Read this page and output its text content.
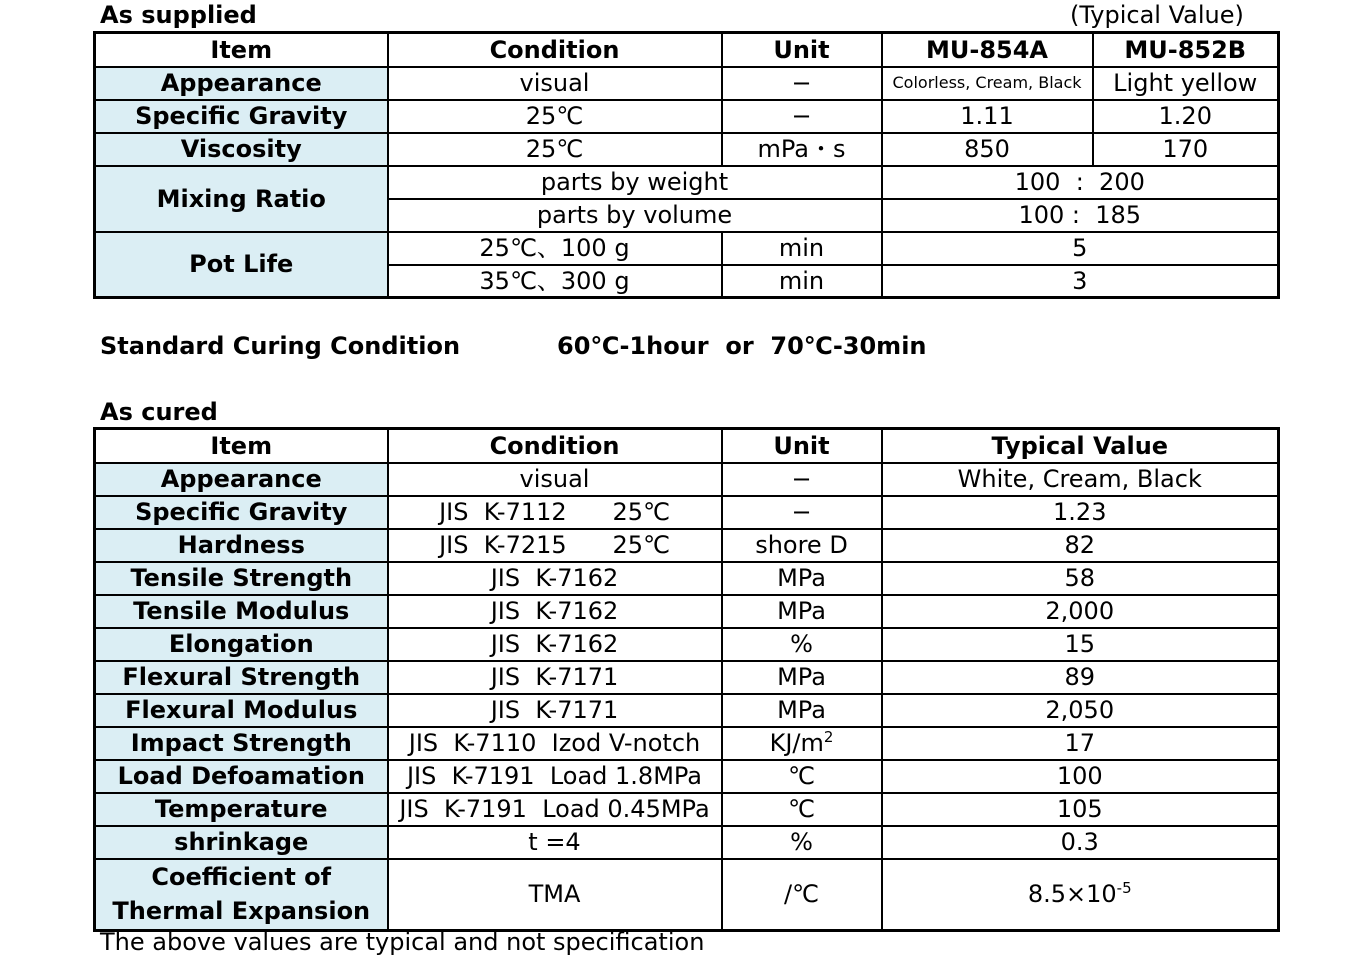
As supplied	(Typical Value)
Item	Condition	Unit	MU-854A	MU-852B
Appearance	visual	−	Colorless, Cream, Black	Light yellow
Specific Gravity	25℃	−	1.11	1.20
Viscosity	25℃	mPa・s	850	170
Mixing Ratio	parts by weight		100  :  200	
	parts by volume		100 :  185	
Pot Life	25℃、100 g	min	5	
	35℃、300 g	min	3	
Standard Curing Condition	60℃-1hour  or  70℃-30min
As cured
Item	Condition	Unit	Typical Value
Appearance	visual	−	White, Cream, Black
Specific Gravity	JIS  K-7112      25℃	−	1.23
Hardness	JIS  K-7215      25℃	shore D	82
Tensile Strength	JIS  K-7162	MPa	58
Tensile Modulus	JIS  K-7162	MPa	2,000
Elongation	JIS  K-7162	%	15
Flexural Strength	JIS  K-7171	MPa	89
Flexural Modulus	JIS  K-7171	MPa	2,050
Impact Strength	JIS  K-7110  Izod V-notch	$KJ/m^2$	17
Load Defoamation	JIS  K-7191  Load 1.8MPa	℃	100
Temperature	JIS  K-7191  Load 0.45MPa	℃	105
shrinkage	t =4	%	0.3

Coefficient of
Thermal Expansion	TMA	/℃	$8.5\times 10^{-5}$
The above values are typical and not specification
